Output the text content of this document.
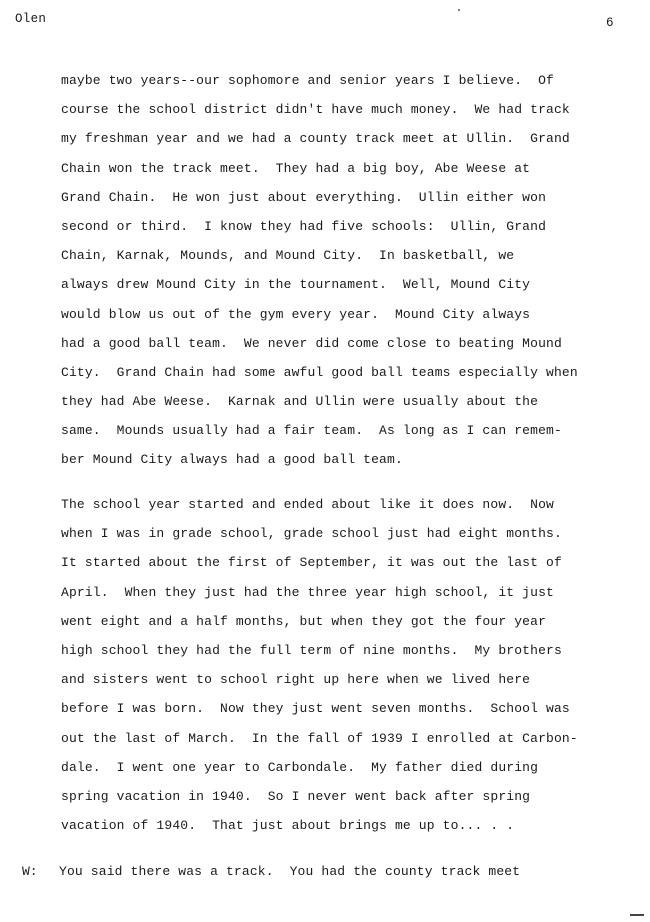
Olen	6
maybe two years--our sophomore and senior years I believe.  Of
course the school district didn't have much money.  We had track
my freshman year and we had a county track meet at Ullin.  Grand
Chain won the track meet.  They had a big boy, Abe Weese at
Grand Chain.  He won just about everything.  Ullin either won
second or third.  I know they had five schools:  Ullin, Grand
Chain, Karnak, Mounds, and Mound City.  In basketball, we
always drew Mound City in the tournament.  Well, Mound City
would blow us out of the gym every year.  Mound City always
had a good ball team.  We never did come close to beating Mound
City.  Grand Chain had some awful good ball teams especially when
they had Abe Weese.  Karnak and Ullin were usually about the
same.  Mounds usually had a fair team.  As long as I can remem-
ber Mound City always had a good ball team.
The school year started and ended about like it does now.  Now
when I was in grade school, grade school just had eight months.
It started about the first of September, it was out the last of
April.  When they just had the three year high school, it just
went eight and a half months, but when they got the four year
high school they had the full term of nine months.  My brothers
and sisters went to school right up here when we lived here
before I was born.  Now they just went seven months.  School was
out the last of March.  In the fall of 1939 I enrolled at Carbon-
dale.  I went one year to Carbondale.  My father died during
spring vacation in 1940.  So I never went back after spring
vacation of 1940.  That just about brings me up to... . .
W: You said there was a track.  You had the county track meet
